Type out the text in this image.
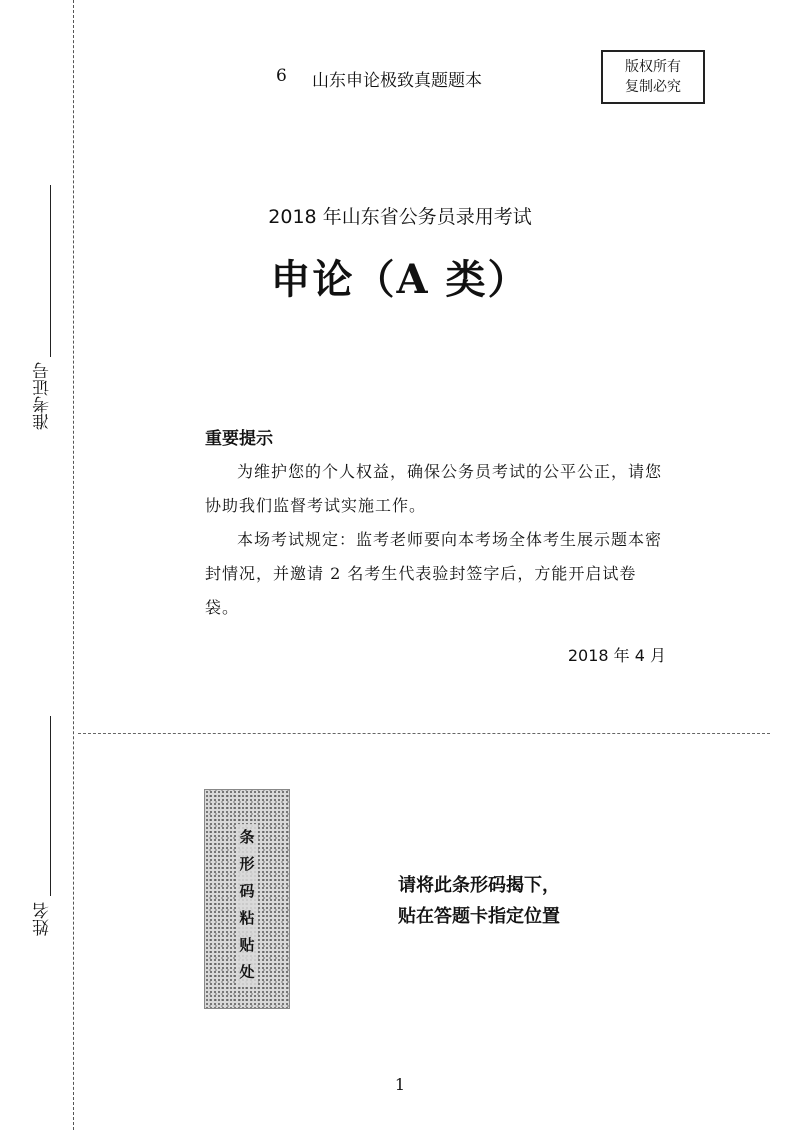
准考证号
姓名
6 山东申论极致真题题本
版权所有
复制必究
2018 年山东省公务员录用考试
申论（A 类）
重要提示
为维护您的个人权益，确保公务员考试的公平公正，请您协助我们监督考试实施工作。
本场考试规定：监考老师要向本考场全体考生展示题本密封情况，并邀请 2 名考生代表验封签字后，方能开启试卷袋。
2018 年 4 月
条
形
码
粘
贴
处
请将此条形码揭下，
贴在答题卡指定位置
1
